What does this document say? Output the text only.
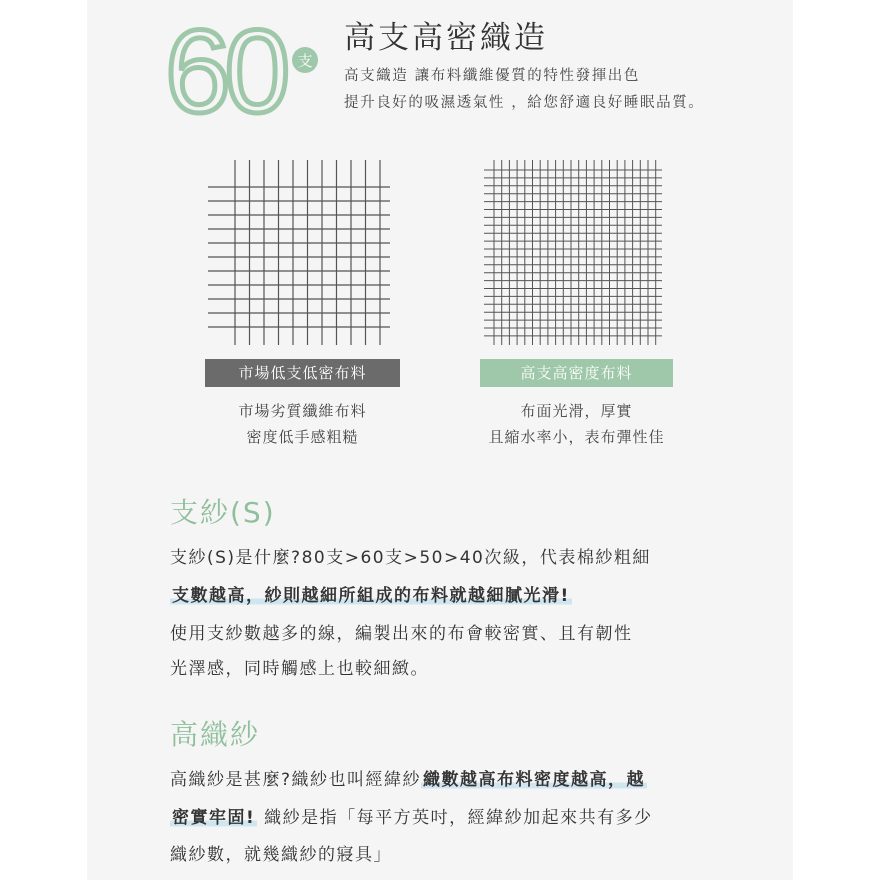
60 支
高支高密織造
高支織造 讓布料纖維優質的特性發揮出色
提升良好的吸濕透氣性 ，給您舒適良好睡眠品質。
市場低支低密布料	高支高密度布料
市場劣質纖維布料
密度低手感粗糙
布面光滑，厚實
且縮水率小，表布彈性佳
支紗(S)
支紗(S)是什麼?80支>60支>50>40次級，代表棉紗粗細
支數越高，紗則越細所組成的布料就越細膩光滑!
使用支紗數越多的線，編製出來的布會較密實、且有韌性
光澤感，同時觸感上也較細緻。
高織紗
高織紗是甚麼?織紗也叫經緯紗 織數越高布料密度越高，越
密實牢固! 織紗是指「每平方英吋，經緯紗加起來共有多少
織紗數，就幾織紗的寢具」
